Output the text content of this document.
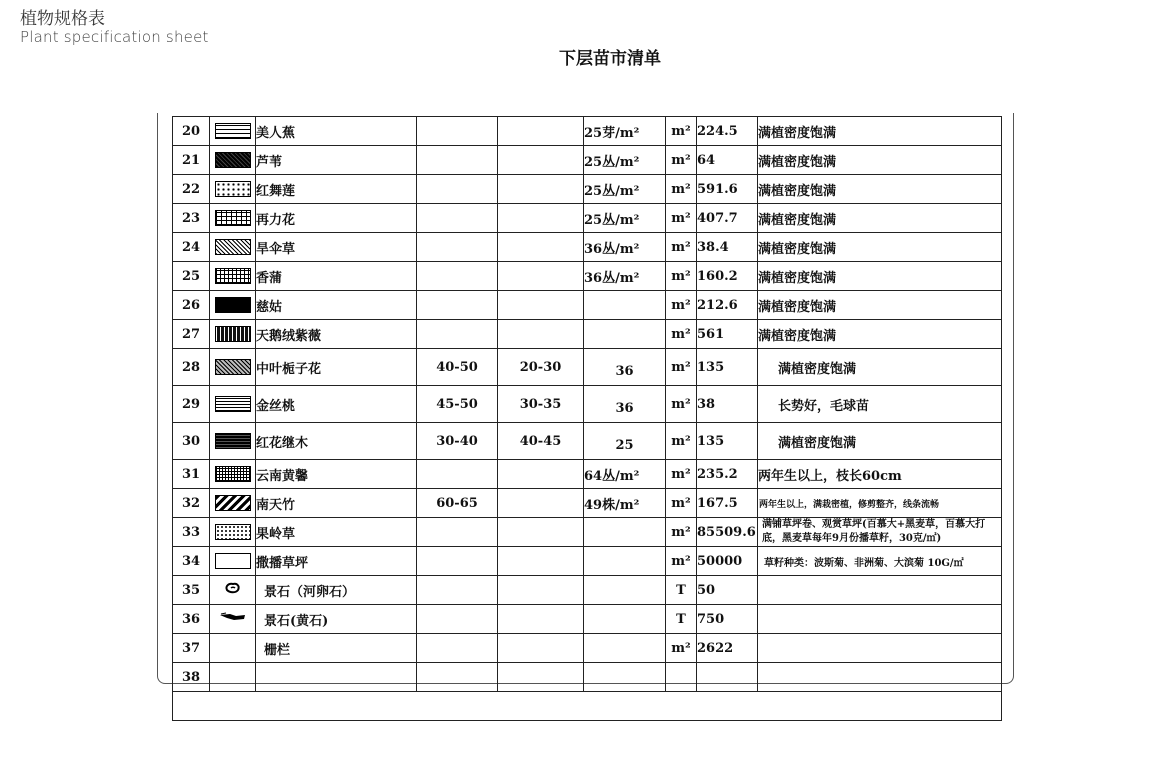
植物规格表
Plant specification sheet
下层苗市清单
20		美人蕉			25芽/m²	m²	224.5	满植密度饱满
21		芦苇			25丛/m²	m²	64	满植密度饱满
22		红舞莲			25丛/m²	m²	591.6	满植密度饱满
23		再力花			25丛/m²	m²	407.7	满植密度饱满
24		旱伞草			36丛/m²	m²	38.4	满植密度饱满
25		香蒲			36丛/m²	m²	160.2	满植密度饱满
26		慈姑				m²	212.6	满植密度饱满
27		天鹅绒紫薇				m²	561	满植密度饱满
28		中叶栀子花	40-50	20-30	36	m²	135	满植密度饱满
29		金丝桃	45-50	30-35	36	m²	38	长势好，毛球苗
30		红花继木	30-40	40-45	25	m²	135	满植密度饱满
31		云南黄馨			64丛/m²	m²	235.2	两年生以上，枝长60cm
32		南天竹	60-65		49株/m²	m²	167.5	两年生以上，满栽密植，修剪整齐，线条流畅
33		果岭草				m²	85509.6	满铺草坪卷、观赏草坪(百慕大+黑麦草，百慕大打底，黑麦草每年9月份播草籽，30克/㎡)
34		撒播草坪				m²	50000	草籽种类：波斯菊、非洲菊、大滨菊 10G/㎡
35		景石（河卵石）				T	50	
36		景石(黄石)				T	750	
37		栅栏				m²	2622	
38								
